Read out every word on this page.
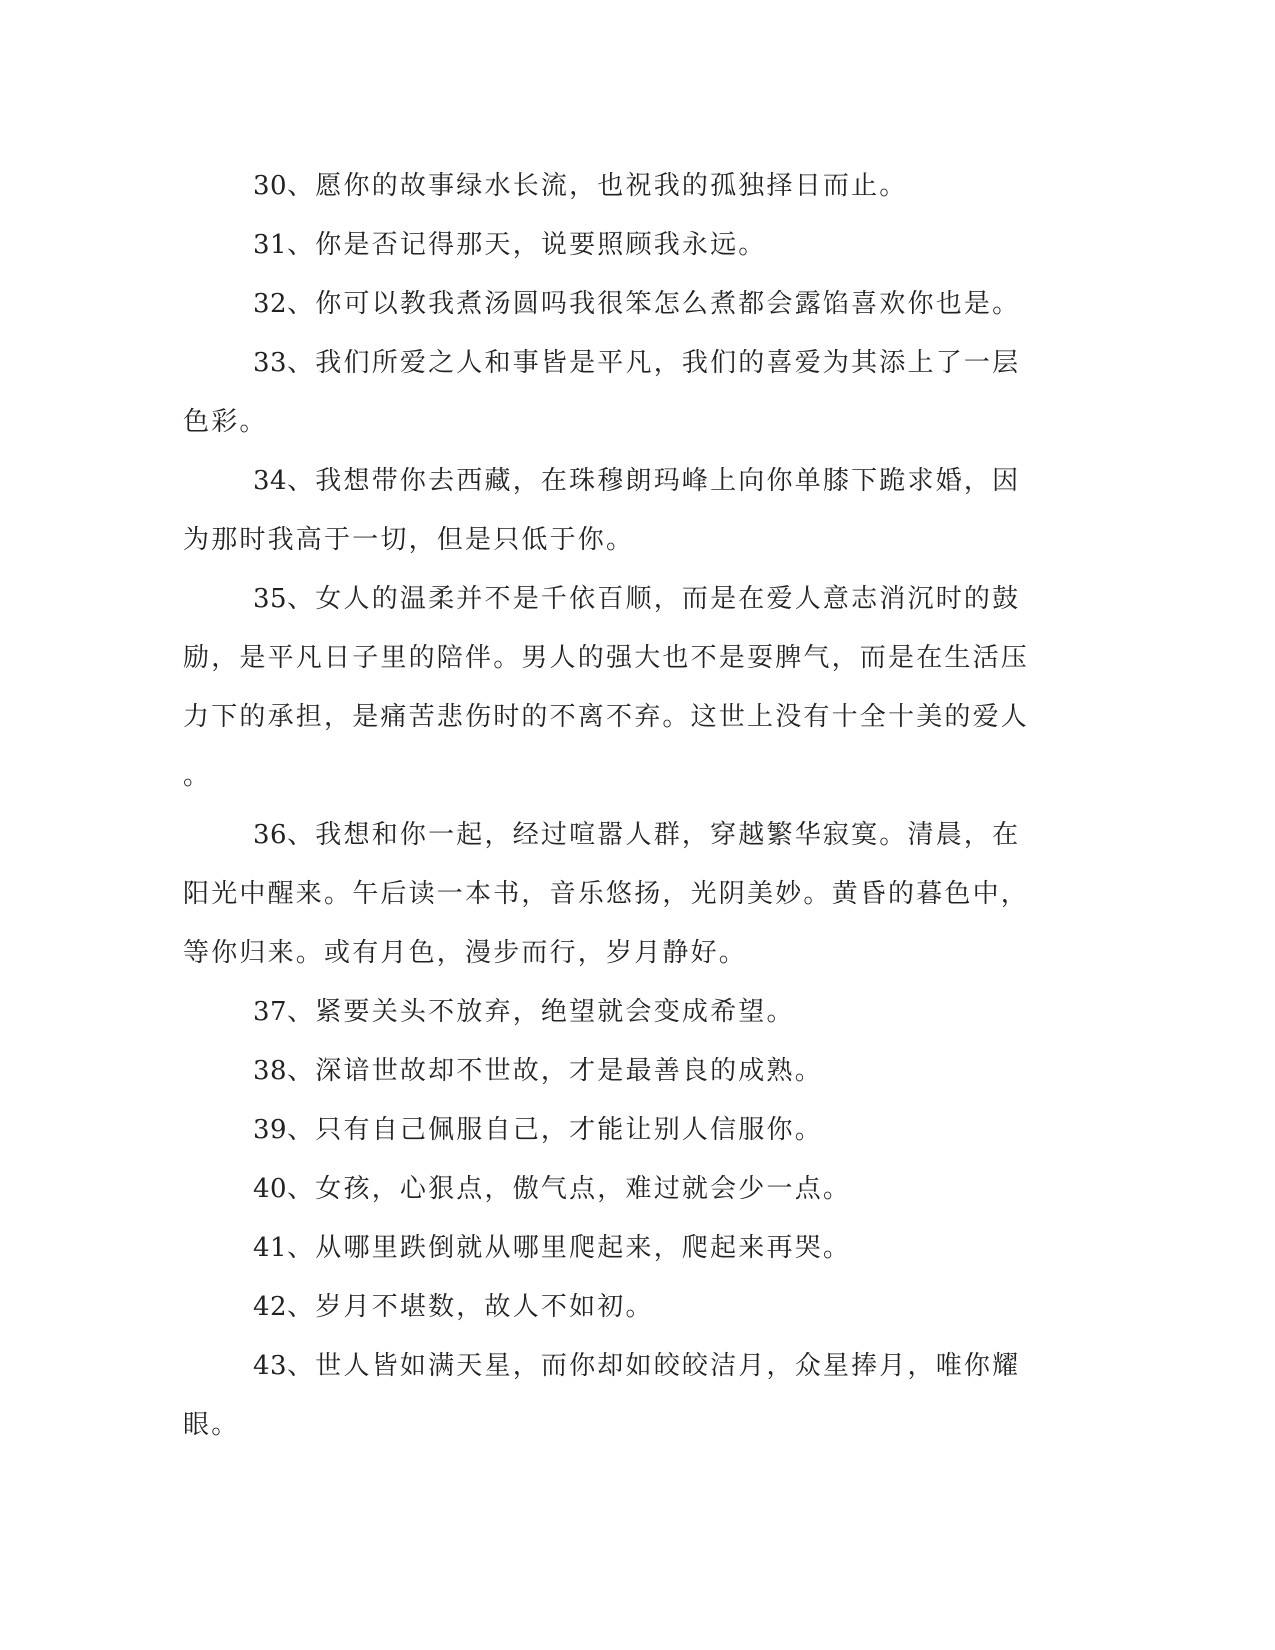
30、愿你的故事绿水长流，也祝我的孤独择日而止。

31、你是否记得那天，说要照顾我永远。

32、你可以教我煮汤圆吗我很笨怎么煮都会露馅喜欢你也是。

33、我们所爱之人和事皆是平凡，我们的喜爱为其添上了一层色彩。

34、我想带你去西藏，在珠穆朗玛峰上向你单膝下跪求婚，因为那时我高于一切，但是只低于你。

35、女人的温柔并不是千依百顺，而是在爱人意志消沉时的鼓励，是平凡日子里的陪伴。男人的强大也不是耍脾气，而是在生活压力下的承担，是痛苦悲伤时的不离不弃。这世上没有十全十美的爱人。

36、我想和你一起，经过喧嚣人群，穿越繁华寂寞。清晨，在阳光中醒来。午后读一本书，音乐悠扬，光阴美妙。黄昏的暮色中，等你归来。或有月色，漫步而行，岁月静好。

37、紧要关头不放弃，绝望就会变成希望。

38、深谙世故却不世故，才是最善良的成熟。

39、只有自己佩服自己，才能让别人信服你。

40、女孩，心狠点，傲气点，难过就会少一点。

41、从哪里跌倒就从哪里爬起来，爬起来再哭。

42、岁月不堪数，故人不如初。

43、世人皆如满天星，而你却如皎皎洁月，众星捧月，唯你耀眼。
